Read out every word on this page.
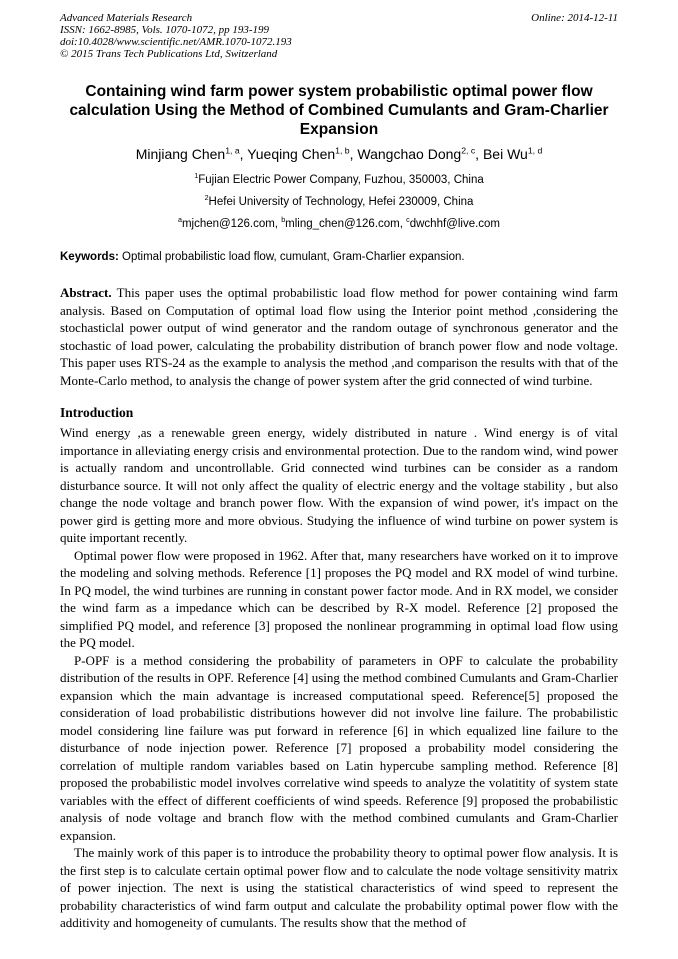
Advanced Materials Research
ISSN: 1662-8985, Vols. 1070-1072, pp 193-199
doi:10.4028/www.scientific.net/AMR.1070-1072.193
© 2015 Trans Tech Publications Ltd, Switzerland
Online: 2014-12-11
Containing wind farm power system probabilistic optimal power flow calculation Using the Method of Combined Cumulants and Gram-Charlier Expansion
Minjiang Chen$^{1, a}$, Yueqing Chen$^{1, b}$, Wangchao Dong$^{2, c}$, Bei Wu$^{1, d}$
$^1$Fujian Electric Power Company, Fuzhou, 350003, China
$^2$Hefei University of Technology, Hefei 230009, China
$^a$mjchen@126.com, $^b$mling_chen@126.com, $^c$dwchhf@live.com
Keywords: Optimal probabilistic load flow, cumulant, Gram-Charlier expansion.

Abstract. This paper uses the optimal probabilistic load flow method for power containing wind farm analysis. Based on Computation of optimal load flow using the Interior point method ,considering the stochasticlal power output of wind generator and the random outage of synchronous generator and the stochastic of load power, calculating the probability distribution of branch power flow and node voltage. This paper uses RTS-24 as the example to analysis the method ,and comparison the results with that of the Monte-Carlo method, to analysis the change of power system after the grid connected of wind turbine.

Introduction

Wind energy ,as a renewable green energy, widely distributed in nature . Wind energy is of vital importance in alleviating energy crisis and environmental protection. Due to the random wind, wind power is actually random and uncontrollable. Grid connected wind turbines can be consider as a random disturbance source. It will not only affect the quality of electric energy and the voltage stability , but also change the node voltage and branch power flow. With the expansion of wind power, it's impact on the power gird is getting more and more obvious. Studying the influence of wind turbine on power system is quite important recently.

Optimal power flow were proposed in 1962. After that, many researchers have worked on it to improve the modeling and solving methods. Reference [1] proposes the PQ model and RX model of wind turbine. In PQ model, the wind turbines are running in constant power factor mode. And in RX model, we consider the wind farm as a impedance which can be described by R-X model. Reference [2] proposed the simplified PQ model, and reference [3] proposed the nonlinear programming in optimal load flow using the PQ model.

P-OPF is a method considering the probability of parameters in OPF to calculate the probability distribution of the results in OPF. Reference [4] using the method combined Cumulants and Gram-Charlier expansion which the main advantage is increased computational speed. Reference[5] proposed the consideration of load probabilistic distributions however did not involve line failure. The probabilistic model considering line failure was put forward in reference [6] in which equalized line failure to the disturbance of node injection power. Reference [7] proposed a probability model considering the correlation of multiple random variables based on Latin hypercube sampling method. Reference [8] proposed the probabilistic model involves correlative wind speeds to analyze the volatitity of system state variables with the effect of different coefficients of wind speeds. Reference [9] proposed the probabilistic analysis of node voltage and branch flow with the method combined cumulants and Gram-Charlier expansion.

The mainly work of this paper is to introduce the probability theory to optimal power flow analysis. It is the first step is to calculate certain optimal power flow and to calculate the node voltage sensitivity matrix of power injection. The next is using the statistical characteristics of wind speed to represent the probability characteristics of wind farm output and calculate the probability optimal power flow with the additivity and homogeneity of cumulants. The results show that the method of
